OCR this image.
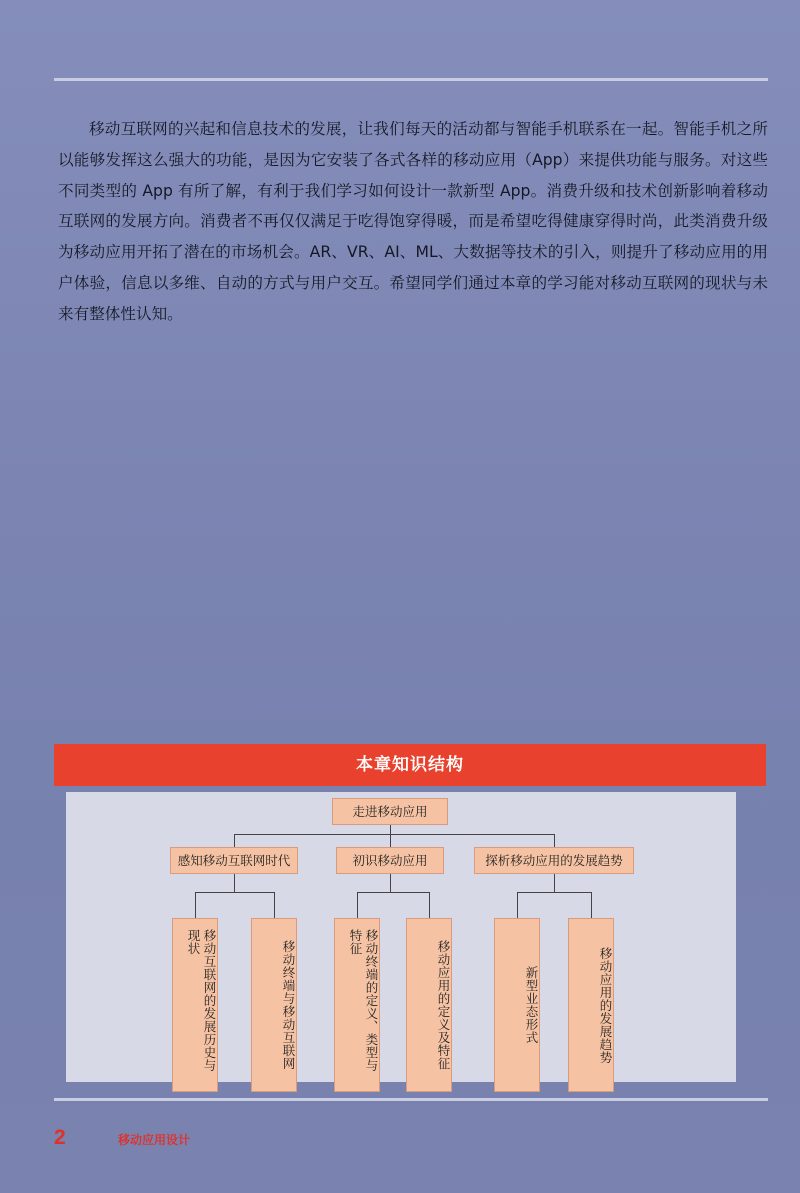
移动互联网的兴起和信息技术的发展，让我们每天的活动都与智能手机联系在一起。智能手机之所以能够发挥这么强大的功能，是因为它安装了各式各样的移动应用（App）来提供功能与服务。对这些不同类型的 App 有所了解，有利于我们学习如何设计一款新型 App。消费升级和技术创新影响着移动互联网的发展方向。消费者不再仅仅满足于吃得饱穿得暖，而是希望吃得健康穿得时尚，此类消费升级为移动应用开拓了潜在的市场机会。AR、VR、AI、ML、大数据等技术的引入，则提升了移动应用的用户体验，信息以多维、自动的方式与用户交互。希望同学们通过本章的学习能对移动互联网的现状与未来有整体性认知。

本章知识结构
走进移动应用
感知移动互联网时代	初识移动应用	探析移动应用的发展趋势
移动互联网的发展历史与现状	移动终端与移动互联网	移动终端的定义、类型与特征	移动应用的定义及特征	新型业态形式	移动应用的发展趋势
2	移动应用设计
